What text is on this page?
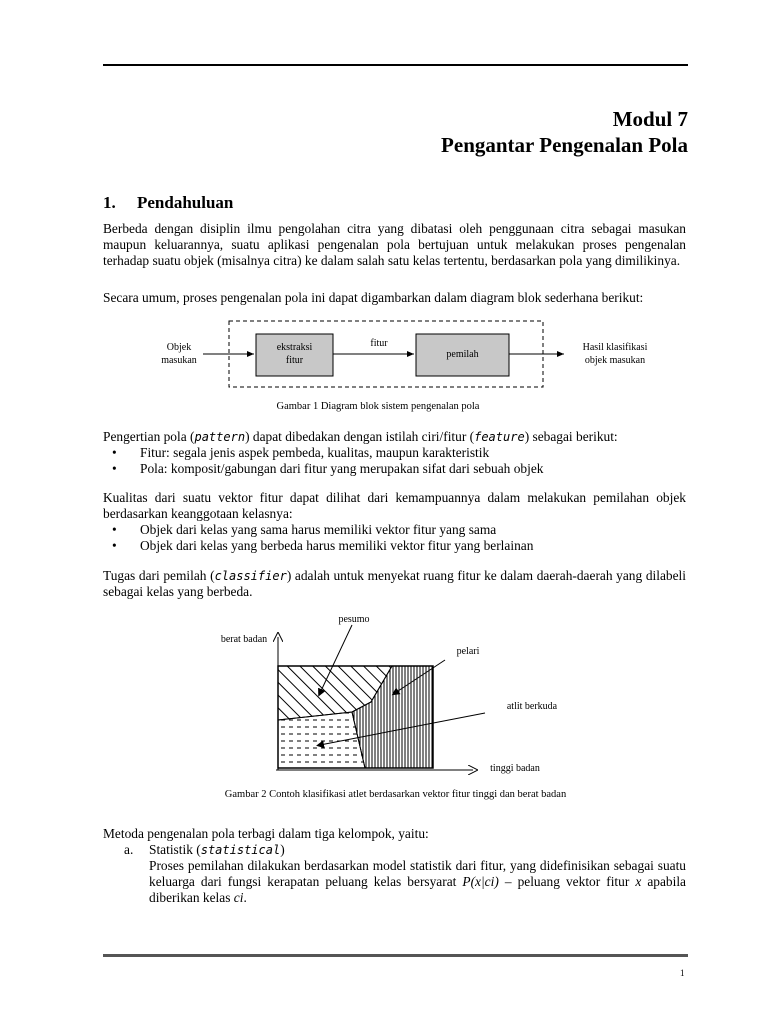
Modul 7
Pengantar Pengenalan Pola
1. Pendahuluan
Berbeda dengan disiplin ilmu pengolahan citra yang dibatasi oleh penggunaan citra sebagai masukan maupun keluarannya, suatu aplikasi pengenalan pola bertujuan untuk melakukan proses pengenalan terhadap suatu objek (misalnya citra) ke dalam salah satu kelas tertentu, berdasarkan pola yang dimilikinya.
Secara umum, proses pengenalan pola ini dapat digambarkan dalam diagram blok sederhana berikut:
Objek
masukan
ekstraksi
fitur
fitur
pemilah
Hasil klasifikasi
objek masukan
Gambar 1 Diagram blok sistem pengenalan pola
Pengertian pola (pattern) dapat dibedakan dengan istilah ciri/fitur (feature) sebagai berikut:
• Fitur: segala jenis aspek pembeda, kualitas, maupun karakteristik
• Pola: komposit/gabungan dari fitur yang merupakan sifat dari sebuah objek
Kualitas dari suatu vektor fitur dapat dilihat dari kemampuannya dalam melakukan pemilahan objek berdasarkan keanggotaan kelasnya:
• Objek dari kelas yang sama harus memiliki vektor fitur yang sama
• Objek dari kelas yang berbeda harus memiliki vektor fitur yang berlainan
Tugas dari pemilah (classifier) adalah untuk menyekat ruang fitur ke dalam daerah-daerah yang dilabeli sebagai kelas yang berbeda.
pesumo
berat badan
pelari
atlit berkuda
tinggi badan
Gambar 2 Contoh klasifikasi atlet berdasarkan vektor fitur tinggi dan berat badan
Metoda pengenalan pola terbagi dalam tiga kelompok, yaitu:
a. Statistik (statistical)
Proses pemilahan dilakukan berdasarkan model statistik dari fitur, yang didefinisikan sebagai suatu keluarga dari fungsi kerapatan peluang kelas bersyarat P(x|ci) – peluang vektor fitur x apabila diberikan kelas ci.
1
